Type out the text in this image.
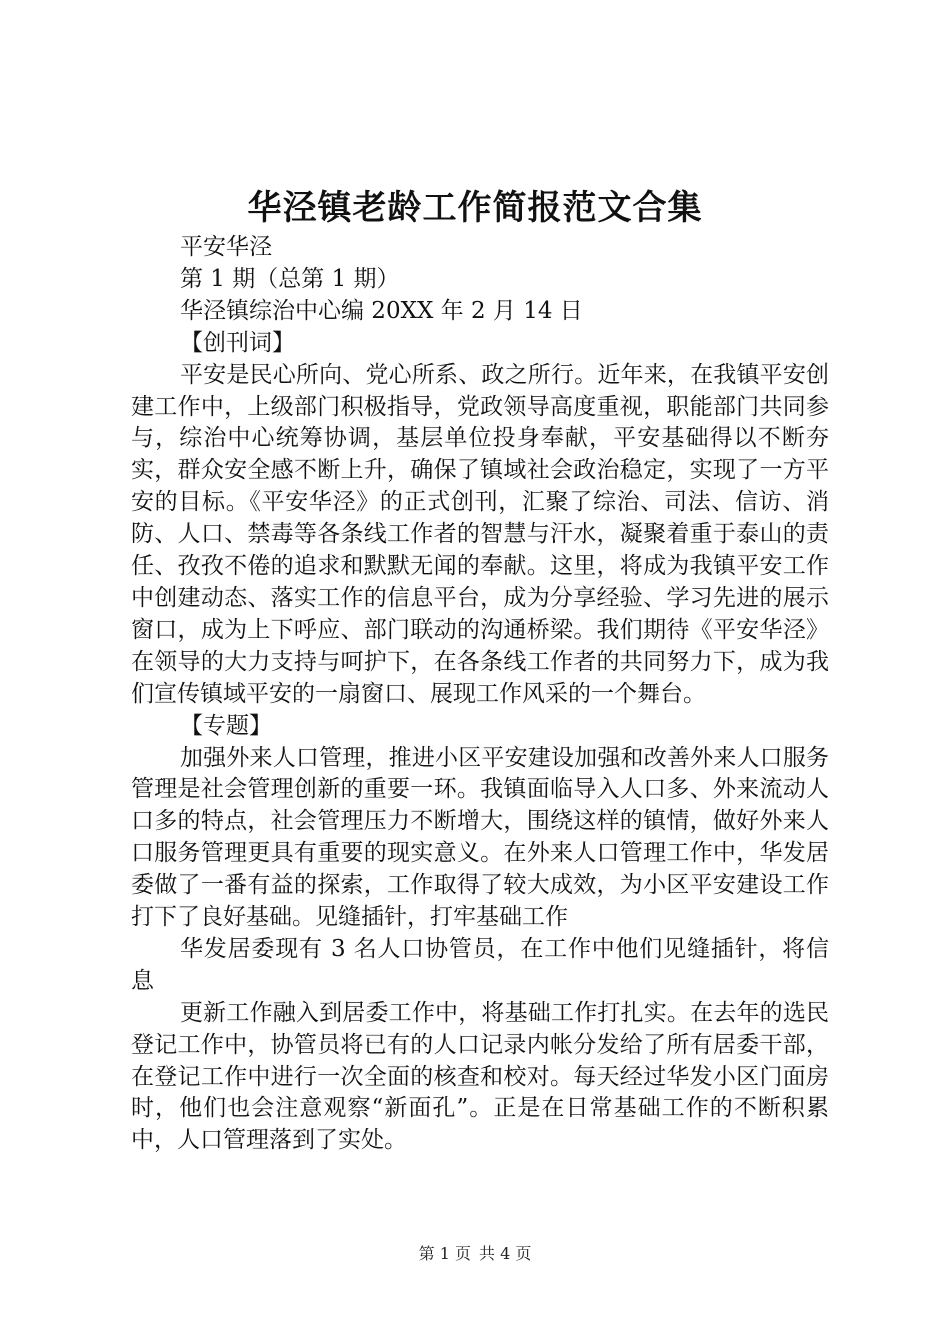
华泾镇老龄工作简报范文合集

平安华泾

第 1 期（总第 1 期）

华泾镇综治中心编 20XX 年 2 月 14 日

【创刊词】

平安是民心所向、党心所系、政之所行。近年来，在我镇平安创建工作中，上级部门积极指导，党政领导高度重视，职能部门共同参与，综治中心统筹协调，基层单位投身奉献，平安基础得以不断夯实，群众安全感不断上升，确保了镇域社会政治稳定，实现了一方平安的目标。《平安华泾》的正式创刊，汇聚了综治、司法、信访、消防、人口、禁毒等各条线工作者的智慧与汗水，凝聚着重于泰山的责任、孜孜不倦的追求和默默无闻的奉献。这里，将成为我镇平安工作中创建动态、落实工作的信息平台，成为分享经验、学习先进的展示窗口，成为上下呼应、部门联动的沟通桥梁。我们期待《平安华泾》在领导的大力支持与呵护下，在各条线工作者的共同努力下，成为我们宣传镇域平安的一扇窗口、展现工作风采的一个舞台。

【专题】

加强外来人口管理，推进小区平安建设加强和改善外来人口服务管理是社会管理创新的重要一环。我镇面临导入人口多、外来流动人口多的特点，社会管理压力不断增大，围绕这样的镇情，做好外来人口服务管理更具有重要的现实意义。在外来人口管理工作中，华发居委做了一番有益的探索，工作取得了较大成效，为小区平安建设工作打下了良好基础。见缝插针，打牢基础工作

华发居委现有 3 名人口协管员，在工作中他们见缝插针，将信息

更新工作融入到居委工作中，将基础工作打扎实。在去年的选民登记工作中，协管员将已有的人口记录内帐分发给了所有居委干部，在登记工作中进行一次全面的核查和校对。每天经过华发小区门面房时，他们也会注意观察“新面孔”。正是在日常基础工作的不断积累中，人口管理落到了实处。

第 1 页 共 4 页
